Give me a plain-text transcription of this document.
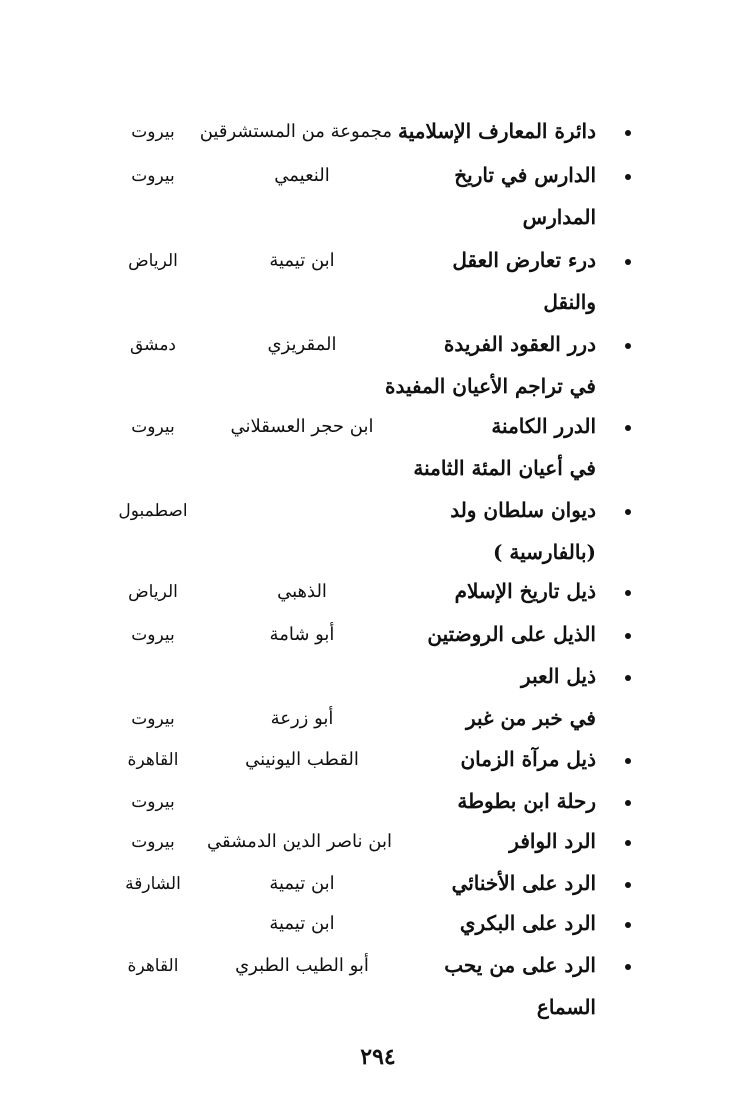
دائرة المعارف الإسلامية
مجموعة من المستشرقين
بيروت
الدارس في تاريخ
المدارس
النعيمي
بيروت
درء تعارض العقل
والنقل
ابن تيمية
الرياض
درر العقود الفريدة
في تراجم الأعيان المفيدة
المقريزي
دمشق
الدرر الكامنة
في أعيان المئة الثامنة
ابن حجر العسقلاني
بيروت
ديوان سلطان ولد
(بالفارسية )
اصطمبول
ذيل تاريخ الإسلام
الذهبي
الرياض
الذيل على الروضتين
أبو شامة
بيروت
ذيل العبر
في خبر من غبر
أبو زرعة
بيروت
ذيل مرآة الزمان
القطب اليونيني
القاهرة
رحلة ابن بطوطة
بيروت
الرد الوافر
ابن ناصر الدين الدمشقي
بيروت
الرد على الأخنائي
ابن تيمية
الشارقة
الرد على البكري
ابن تيمية
الرد على من يحب
السماع
أبو الطيب الطبري
القاهرة
٢٩٤
